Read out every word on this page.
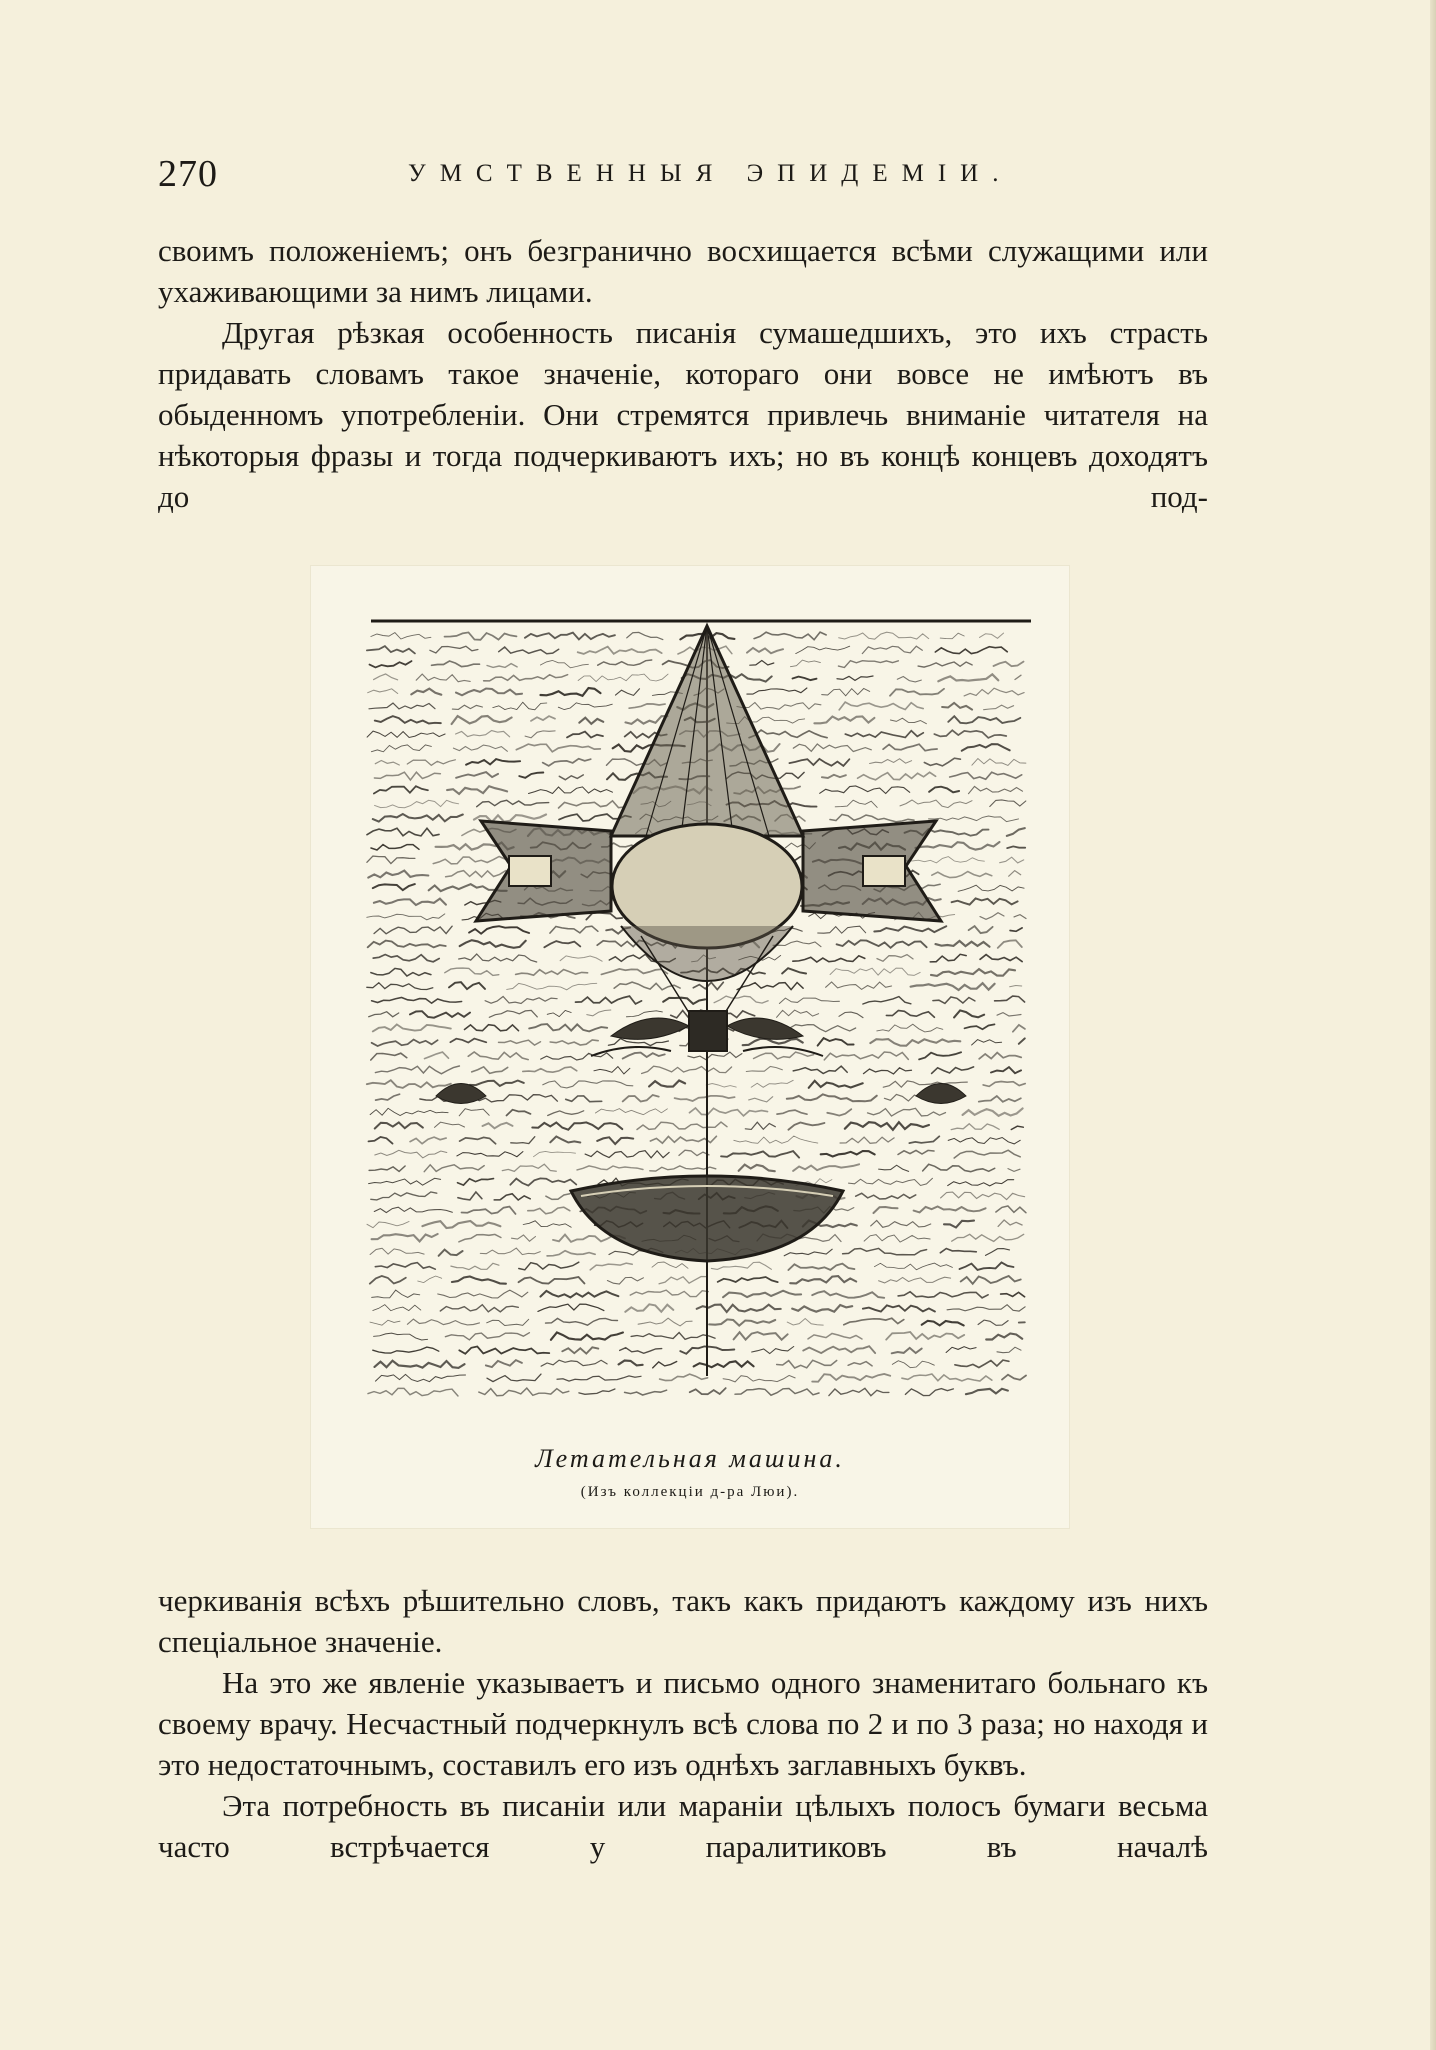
270	УМСТВЕННЫЯ ЭПИДЕМІИ.

своимъ положеніемъ; онъ безгранично восхищается всѣми служащими или ухаживающими за нимъ лицами.

Другая рѣзкая особенность писанія сумашедшихъ, это ихъ страсть придавать словамъ такое значеніе, котораго они вовсе не имѣютъ въ обыденномъ употребленіи. Они стремятся привлечь вниманіе читателя на нѣкоторыя фразы и тогда подчеркиваютъ ихъ; но въ концѣ концевъ доходятъ до под-

Летательная машина.
(Изъ коллекціи д-ра Люи).

черкиванія всѣхъ рѣшительно словъ, такъ какъ придаютъ каждому изъ нихъ спеціальное значеніе.

На это же явленіе указываетъ и письмо одного знаменитаго больнаго къ своему врачу. Несчастный подчеркнулъ всѣ слова по 2 и по 3 раза; но находя и это недостаточнымъ, составилъ его изъ однѣхъ заглавныхъ буквъ.

Эта потребность въ писаніи или мараніи цѣлыхъ полосъ бумаги весьма часто встрѣчается у паралитиковъ въ началѣ
